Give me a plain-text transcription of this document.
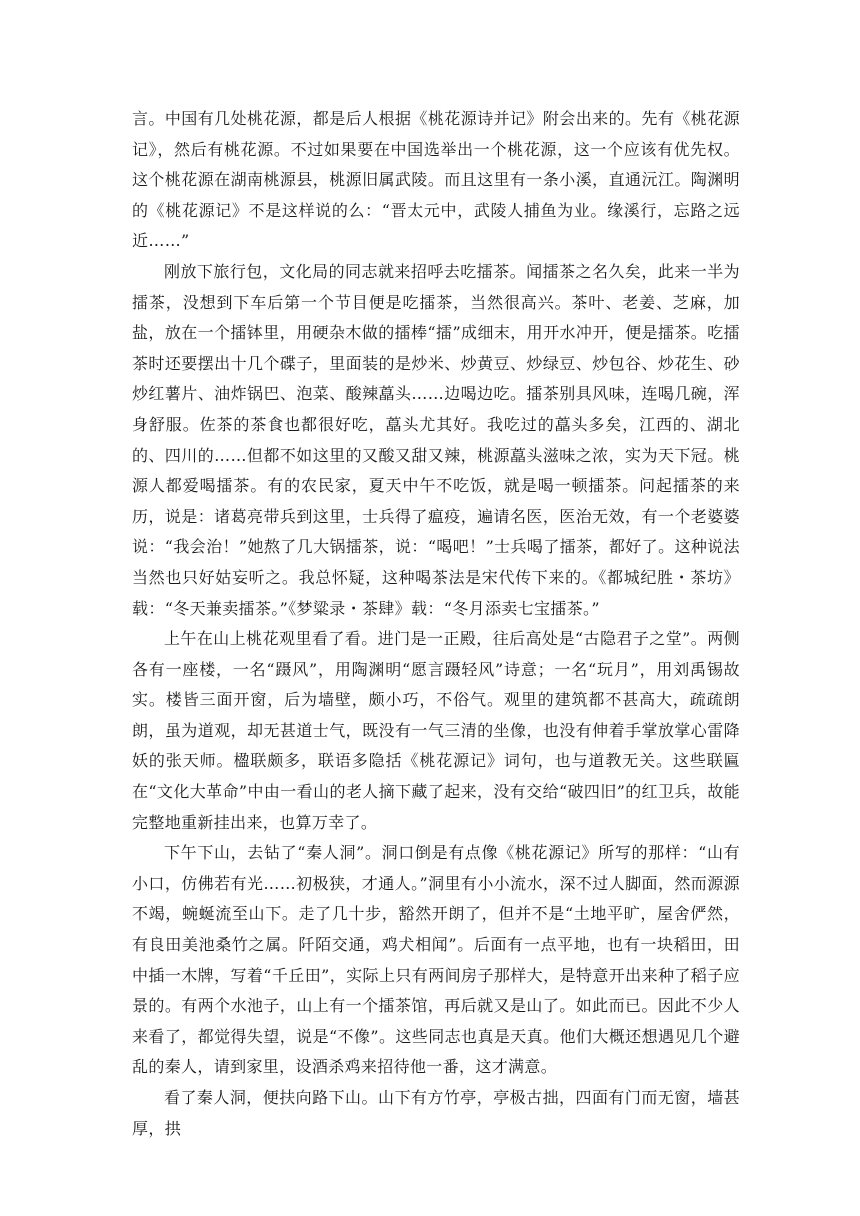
言。中国有几处桃花源，都是后人根据《桃花源诗并记》附会出来的。先有《桃花源记》，然后有桃花源。不过如果要在中国选举出一个桃花源，这一个应该有优先权。这个桃花源在湖南桃源县，桃源旧属武陵。而且这里有一条小溪，直通沅江。陶渊明的《桃花源记》不是这样说的么：“晋太元中，武陵人捕鱼为业。缘溪行，忘路之远近……”

刚放下旅行包，文化局的同志就来招呼去吃擂茶。闻擂茶之名久矣，此来一半为擂茶，没想到下车后第一个节目便是吃擂茶，当然很高兴。茶叶、老姜、芝麻，加盐，放在一个擂钵里，用硬杂木做的擂棒“擂”成细末，用开水冲开，便是擂茶。吃擂茶时还要摆出十几个碟子，里面装的是炒米、炒黄豆、炒绿豆、炒包谷、炒花生、砂炒红薯片、油炸锅巴、泡菜、酸辣藠头……边喝边吃。擂茶别具风味，连喝几碗，浑身舒服。佐茶的茶食也都很好吃，藠头尤其好。我吃过的藠头多矣，江西的、湖北的、四川的……但都不如这里的又酸又甜又辣，桃源藠头滋味之浓，实为天下冠。桃源人都爱喝擂茶。有的农民家，夏天中午不吃饭，就是喝一顿擂茶。问起擂茶的来历，说是：诸葛亮带兵到这里，士兵得了瘟疫，遍请名医，医治无效，有一个老婆婆说：“我会治！”她熬了几大锅擂茶，说：“喝吧！”士兵喝了擂茶，都好了。这种说法当然也只好姑妄听之。我总怀疑，这种喝茶法是宋代传下来的。《都城纪胜・茶坊》载：“冬天兼卖擂茶。”《梦粱录・茶肆》载：“冬月添卖七宝擂茶。”

上午在山上桃花观里看了看。进门是一正殿，往后高处是“古隐君子之堂”。两侧各有一座楼，一名“蹑风”，用陶渊明“愿言蹑轻风”诗意；一名“玩月”，用刘禹锡故实。楼皆三面开窗，后为墙壁，颇小巧，不俗气。观里的建筑都不甚高大，疏疏朗朗，虽为道观，却无甚道士气，既没有一气三清的坐像，也没有伸着手掌放掌心雷降妖的张天师。楹联颇多，联语多隐括《桃花源记》词句，也与道教无关。这些联匾在“文化大革命”中由一看山的老人摘下藏了起来，没有交给“破四旧”的红卫兵，故能完整地重新挂出来，也算万幸了。

下午下山，去钻了“秦人洞”。洞口倒是有点像《桃花源记》所写的那样：“山有小口，仿佛若有光……初极狭，才通人。”洞里有小小流水，深不过人脚面，然而源源不竭，蜿蜒流至山下。走了几十步，豁然开朗了，但并不是“土地平旷，屋舍俨然，有良田美池桑竹之属。阡陌交通，鸡犬相闻”。后面有一点平地，也有一块稻田，田中插一木牌，写着“千丘田”，实际上只有两间房子那样大，是特意开出来种了稻子应景的。有两个水池子，山上有一个擂茶馆，再后就又是山了。如此而已。因此不少人来看了，都觉得失望，说是“不像”。这些同志也真是天真。他们大概还想遇见几个避乱的秦人，请到家里，设酒杀鸡来招待他一番，这才满意。

看了秦人洞，便扶向路下山。山下有方竹亭，亭极古拙，四面有门而无窗，墙甚厚，拱
